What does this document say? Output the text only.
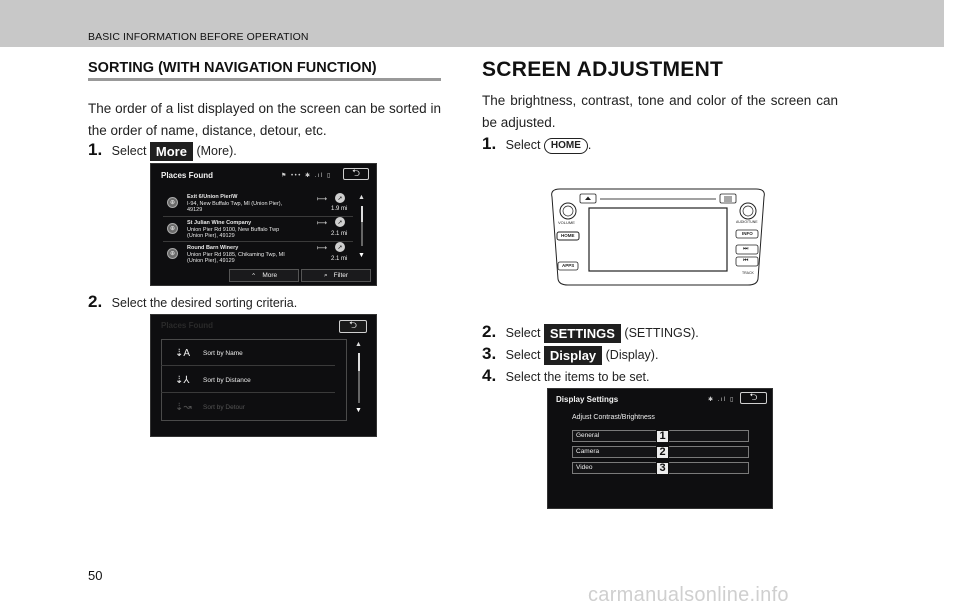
BASIC INFORMATION BEFORE OPERATION
SORTING (WITH NAVIGATION FUNCTION)
The order of a list displayed on the screen can be sorted in the order of name, distance, detour, etc.
1. Select More (More).
Places Found	⚑ ••• ✱ .ıl ▯	⮌
⊕
Exit 6/Union Pier/W
I-94, New Buffalo Twp, MI (Union Pier),
49129
⟼	➚
1.9 mi
⊕
St Julian Wine Company
Union Pier Rd 9100, New Buffalo Twp
(Union Pier), 49129
⟼	➚
2.1 mi
⊕
Round Barn Winery
Union Pier Rd 9185, Chikaming Twp, MI
(Union Pier), 49129
⟼	➚
2.1 mi
▲
▼
⌃ More	⌕ Filter
2. Select the desired sorting criteria.
Places Found	⮌
⇣A Sort by Name
⇣⅄ Sort by Distance
⇣↝ Sort by Detour
▲
▼
SCREEN ADJUSTMENT
The brightness, contrast, tone and color of the screen can be adjusted.
1. Select HOME .
VOLUME
HOME
APPS
AUDIO/TUNE
INFO
⏭
⏮
TRACK
2. Select SETTINGS (SETTINGS).
3. Select Display (Display).
4. Select the items to be set.
Display Settings	✱ .ıl ▯	⮌
Adjust Contrast/Brightness
General
Camera
Video
1
2
3
50
carmanualsonline.info
